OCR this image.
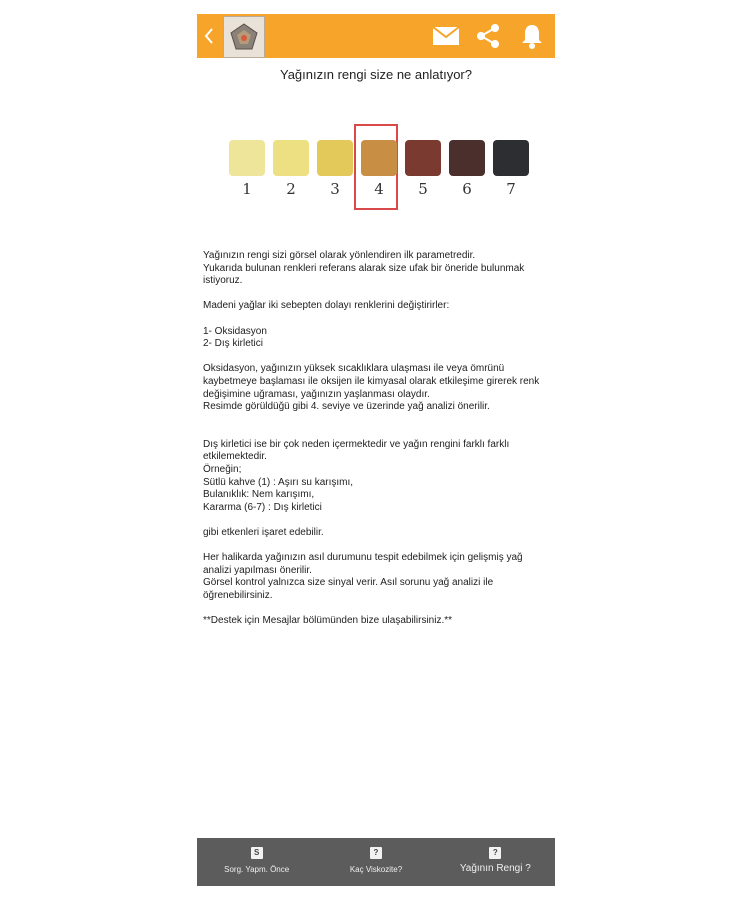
Yağınızın rengi size ne anlatıyor?
1	2	3	4	5	6	7

Yağınızın rengi sizi görsel olarak yönlendiren ilk parametredir.
Yukarıda bulunan renkleri referans alarak size ufak bir öneride bulunmak istiyoruz.

Madeni yağlar iki sebepten dolayı renklerini değiştirirler:

1- Oksidasyon
2- Dış kirletici

Oksidasyon, yağınızın yüksek sıcaklıklara ulaşması ile veya ömrünü kaybetmeye başlaması ile oksijen ile kimyasal olarak etkileşime girerek renk değişimine uğraması, yağınızın yaşlanması olaydır.
Resimde görüldüğü gibi 4. seviye ve üzerinde yağ analizi önerilir.

Dış kirletici ise bir çok neden içermektedir ve yağın rengini farklı farklı etkilemektedir.
Örneğin;
Sütlü kahve (1) : Aşırı su karışımı,
Bulanıklık: Nem karışımı,
Kararma (6-7) : Dış kirletici

gibi etkenleri işaret edebilir.

Her halikarda yağınızın asıl durumunu tespit edebilmek için gelişmiş yağ analizi yapılması önerilir.
Görsel kontrol yalnızca size sinyal verir. Asıl sorunu yağ analizi ile öğrenebilirsiniz.

**Destek için Mesajlar bölümünden bize ulaşabilirsiniz.**

S
Sorg. Yapm. Önce
?
Kaç Viskozite?
?
Yağının Rengi ?
